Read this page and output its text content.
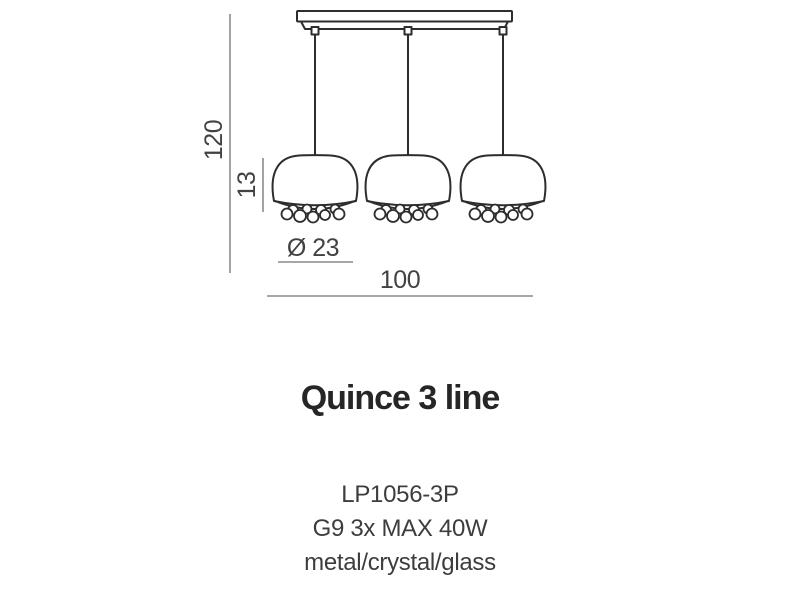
120
13
Ø 23
100
Quince 3 line
LP1056-3P
G9 3x MAX 40W
metal/crystal/glass
